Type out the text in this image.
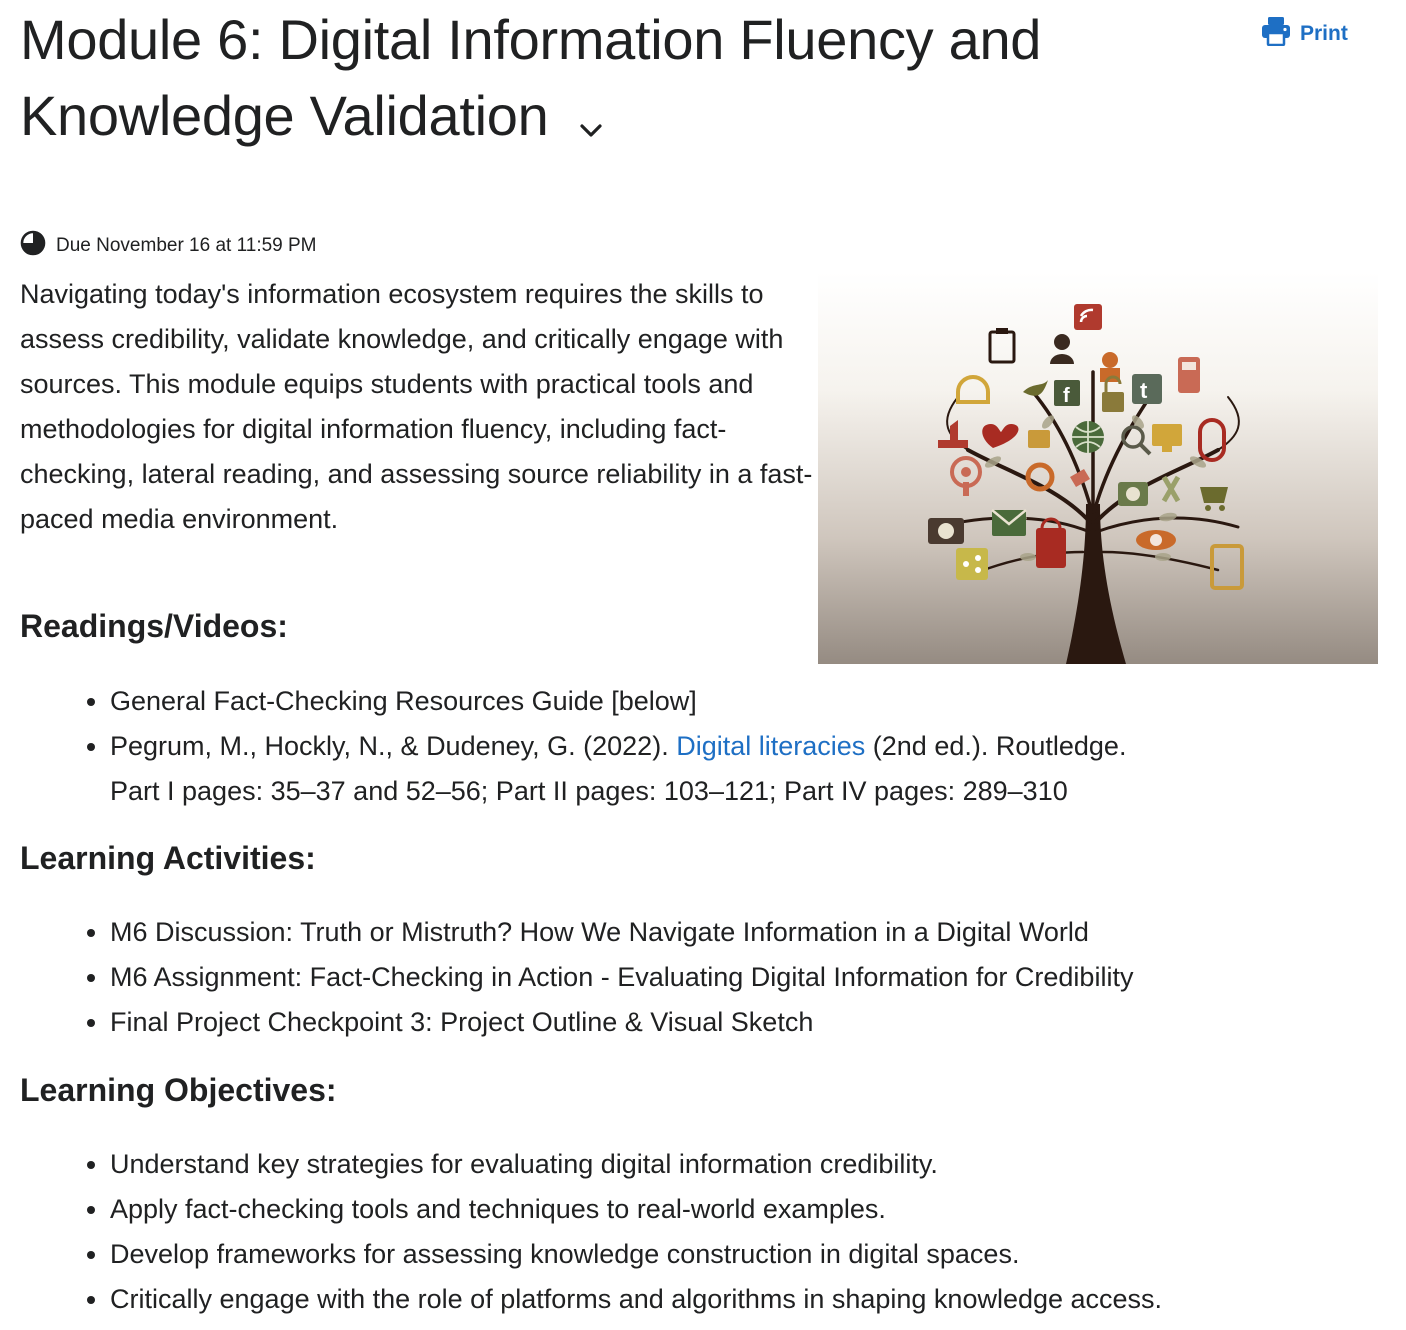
Module 6: Digital Information Fluency and Knowledge Validation
Print
Due November 16 at 11:59 PM

Navigating today's information ecosystem requires the skills to assess credibility, validate knowledge, and critically engage with sources. This module equips students with practical tools and methodologies for digital information fluency, including fact-checking, lateral reading, and assessing source reliability in a fast-paced media environment.

f	t
Readings/Videos:
• General Fact-Checking Resources Guide [below]
• Pegrum, M., Hockly, N., & Dudeney, G. (2022). Digital literacies (2nd ed.). Routledge.
Part I pages: 35–37 and 52–56; Part II pages: 103–121; Part IV pages: 289–310
Learning Activities:
• M6 Discussion: Truth or Mistruth? How We Navigate Information in a Digital World
• M6 Assignment: Fact-Checking in Action - Evaluating Digital Information for Credibility
• Final Project Checkpoint 3: Project Outline & Visual Sketch
Learning Objectives:
• Understand key strategies for evaluating digital information credibility.
• Apply fact-checking tools and techniques to real-world examples.
• Develop frameworks for assessing knowledge construction in digital spaces.
• Critically engage with the role of platforms and algorithms in shaping knowledge access.
